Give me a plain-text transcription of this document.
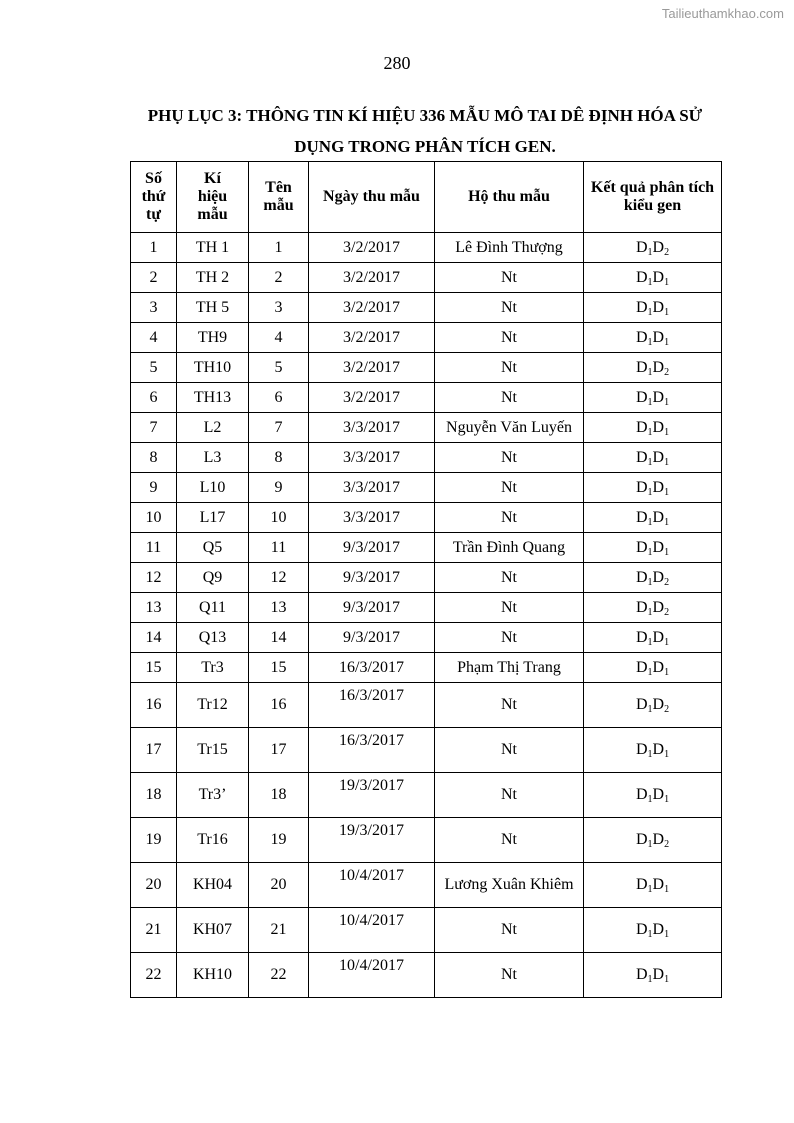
Tailieuthamkhao.com
280
PHỤ LỤC 3: THÔNG TIN KÍ HIỆU 336 MẪU MÔ TAI DÊ ĐỊNH HÓA SỬ
DỤNG TRONG PHÂN TÍCH GEN.
Số
thứ
tự	Kí
hiệu
mẫu	Tên
mẫu	Ngày thu mẫu	Hộ thu mẫu	Kết quả phân tích
kiểu gen
1	TH 1	1	3/2/2017	Lê Đình Thượng	$D_1D_2$
2	TH 2	2	3/2/2017	Nt	$D_1D_1$
3	TH 5	3	3/2/2017	Nt	$D_1D_1$
4	TH9	4	3/2/2017	Nt	$D_1D_1$
5	TH10	5	3/2/2017	Nt	$D_1D_2$
6	TH13	6	3/2/2017	Nt	$D_1D_1$
7	L2	7	3/3/2017	Nguyễn Văn Luyến	$D_1D_1$
8	L3	8	3/3/2017	Nt	$D_1D_1$
9	L10	9	3/3/2017	Nt	$D_1D_1$
10	L17	10	3/3/2017	Nt	$D_1D_1$
11	Q5	11	9/3/2017	Trần Đình Quang	$D_1D_1$
12	Q9	12	9/3/2017	Nt	$D_1D_2$
13	Q11	13	9/3/2017	Nt	$D_1D_2$
14	Q13	14	9/3/2017	Nt	$D_1D_1$
15	Tr3	15	16/3/2017	Phạm Thị Trang	$D_1D_1$
16	Tr12	16	16/3/2017	Nt	$D_1D_2$
17	Tr15	17	16/3/2017	Nt	$D_1D_1$
18	Tr3’	18	19/3/2017	Nt	$D_1D_1$
19	Tr16	19	19/3/2017	Nt	$D_1D_2$
20	KH04	20	10/4/2017	Lương Xuân Khiêm	$D_1D_1$
21	KH07	21	10/4/2017	Nt	$D_1D_1$
22	KH10	22	10/4/2017	Nt	$D_1D_1$
